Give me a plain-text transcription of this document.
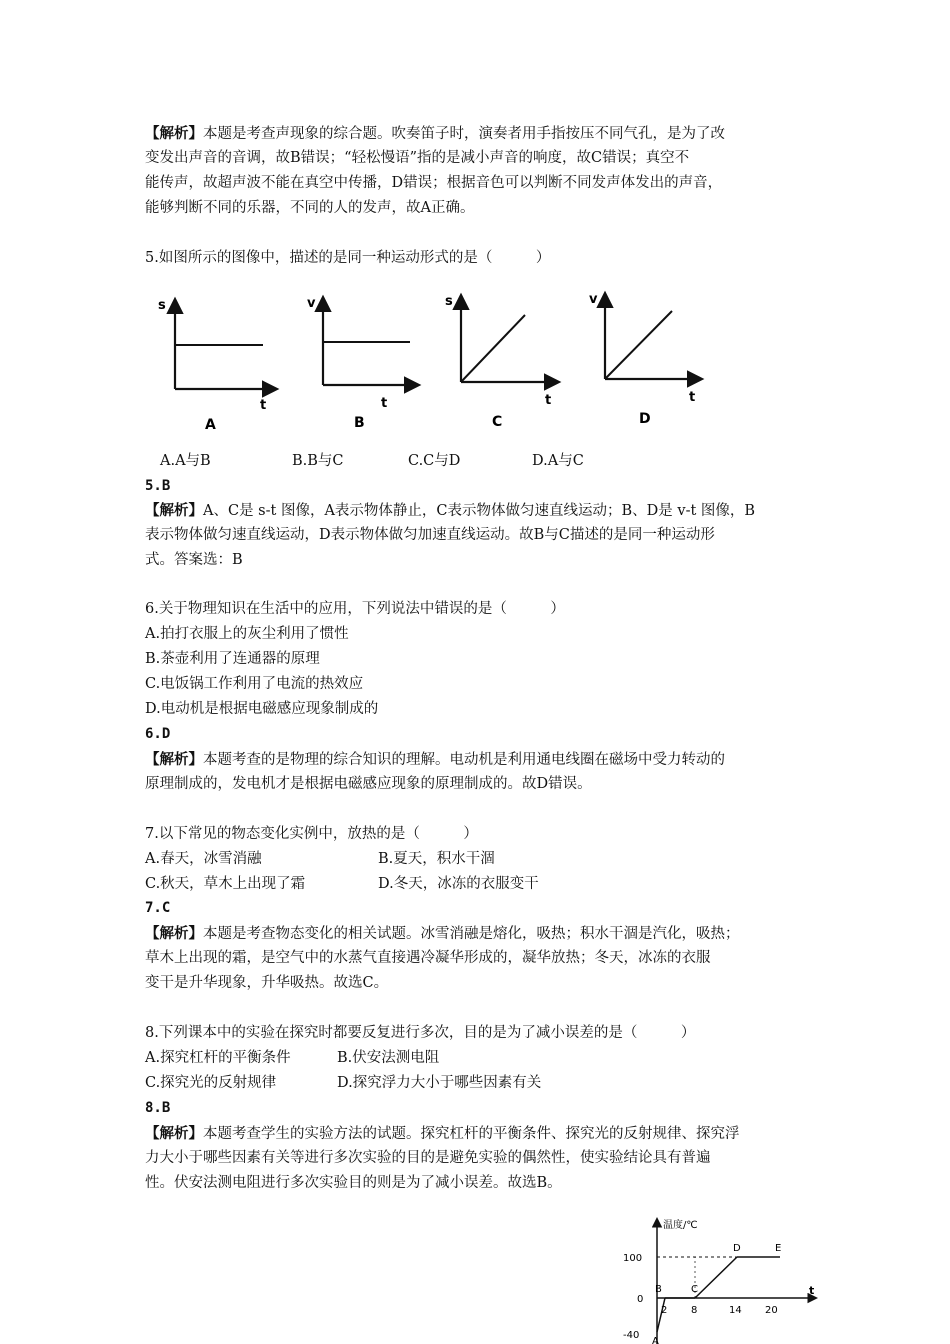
【解析】本题是考查声现象的综合题。吹奏笛子时，演奏者用手指按压不同气孔，是为了改
变发出声音的音调，故B错误；“轻松慢语”指的是减小声音的响度，故C错误；真空不
能传声，故超声波不能在真空中传播，D错误；根据音色可以判断不同发声体发出的声音，
能够判断不同的乐器，不同的人的发声，故A正确。
5.如图所示的图像中，描述的是同一种运动形式的是（　　　）
s
t
A
v
t
B
s
t
C
v
t
D
A.A与B	B.B与C	C.C与D	D.A与C
5.B
【解析】A、C是 s-t 图像，A表示物体静止，C表示物体做匀速直线运动；B、D是 v-t 图像，B
表示物体做匀速直线运动，D表示物体做匀加速直线运动。故B与C描述的是同一种运动形
式。答案选：B
6.关于物理知识在生活中的应用，下列说法中错误的是（　　　）
A.拍打衣服上的灰尘利用了惯性
B.茶壶利用了连通器的原理
C.电饭锅工作利用了电流的热效应
D.电动机是根据电磁感应现象制成的
6.D
【解析】本题考查的是物理的综合知识的理解。电动机是利用通电线圈在磁场中受力转动的
原理制成的，发电机才是根据电磁感应现象的原理制成的。故D错误。
7.以下常见的物态变化实例中，放热的是（　　　）
A.春天，冰雪消融	B.夏天，积水干涸
C.秋天，草木上出现了霜	D.冬天，冰冻的衣服变干
7.C
【解析】本题是考查物态变化的相关试题。冰雪消融是熔化，吸热；积水干涸是汽化，吸热；
草木上出现的霜，是空气中的水蒸气直接遇冷凝华形成的，凝华放热；冬天，冰冻的衣服
变干是升华现象，升华吸热。故选C。
8.下列课本中的实验在探究时都要反复进行多次，目的是为了减小误差的是（　　　）
A.探究杠杆的平衡条件	B.伏安法测电阻
C.探究光的反射规律	D.探究浮力大小于哪些因素有关
8.B
【解析】本题考查学生的实验方法的试题。探究杠杆的平衡条件、探究光的反射规律、探究浮
力大小于哪些因素有关等进行多次实验的目的是避免实验的偶然性，使实验结论具有普遍
性。伏安法测电阻进行多次实验目的则是为了减小误差。故选B。
温度/℃
t
100
0
-40
2 8	14 20
A
B	C
D	E
